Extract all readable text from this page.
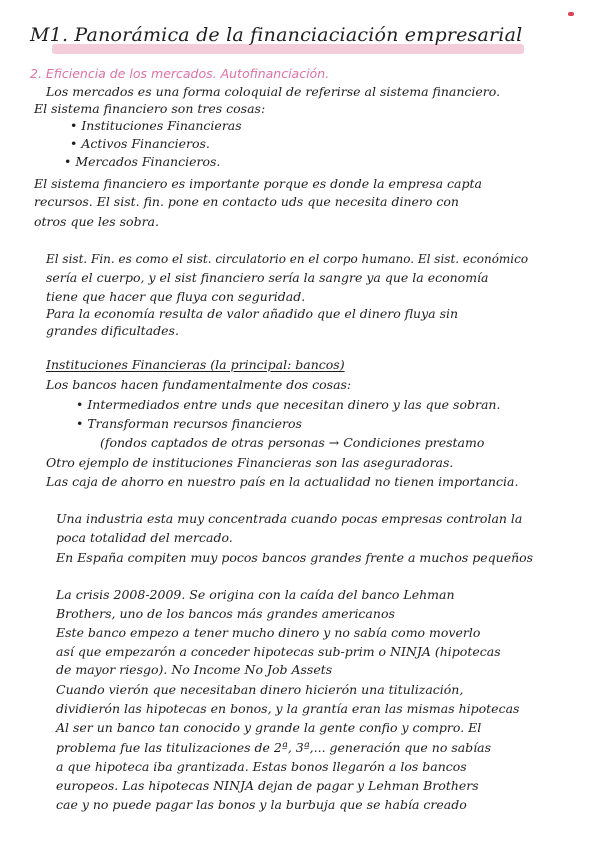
M1. Panorámica de la financiaciación empresarial
2. Eficiencia de los mercados. Autofinanciación.
Los mercados es una forma coloquial de referirse al sistema financiero.
El sistema financiero son tres cosas:
• Instituciones Financieras
• Activos Financieros.
• Mercados Financieros.
El sistema financiero es importante porque es donde la empresa capta
recursos. El sist. fin. pone en contacto uds que necesita dinero con
otros que les sobra.
El sist. Fin. es como el sist. circulatorio en el corpo humano. El sist. económico
sería el cuerpo, y el sist financiero sería la sangre ya que la economía
tiene que hacer que fluya con seguridad.
Para la economía resulta de valor añadido que el dinero fluya sin
grandes dificultades.
Instituciones Financieras (la principal: bancos)
Los bancos hacen fundamentalmente dos cosas:
• Intermediados entre unds que necesitan dinero y las que sobran.
• Transforman recursos financieros
(fondos captados de otras personas → Condiciones prestamo
Otro ejemplo de instituciones Financieras son las aseguradoras.
Las caja de ahorro en nuestro país en la actualidad no tienen importancia.
Una industria esta muy concentrada cuando pocas empresas controlan la
poca totalidad del mercado.
En España compiten muy pocos bancos grandes frente a muchos pequeños
La crisis 2008-2009. Se origina con la caída del banco Lehman
Brothers, uno de los bancos más grandes americanos
Este banco empezo a tener mucho dinero y no sabía como moverlo
así que empezarón a conceder hipotecas sub-prim o NINJA (hipotecas
de mayor riesgo). No Income No Job Assets
Cuando vierón que necesitaban dinero hicierón una titulización,
dividierón las hipotecas en bonos, y la grantía eran las mismas hipotecas
Al ser un banco tan conocido y grande la gente confio y compro. El
problema fue las titulizaciones de 2ª, 3ª,... generación que no sabías
a que hipoteca iba grantizada. Estas bonos llegarón a los bancos
europeos. Las hipotecas NINJA dejan de pagar y Lehman Brothers
cae y no puede pagar las bonos y la burbuja que se había creado
